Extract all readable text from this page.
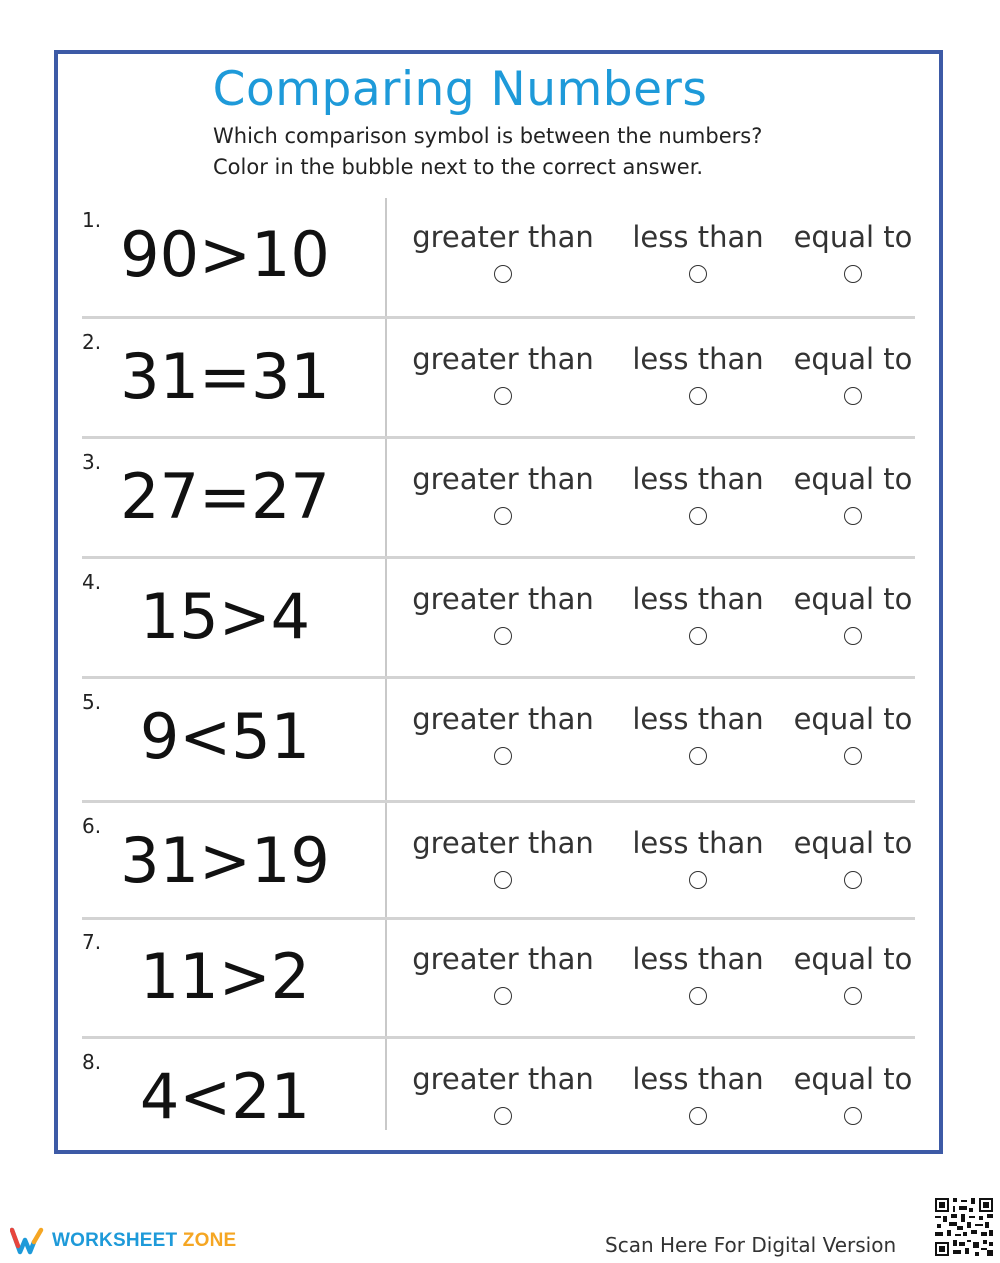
Comparing Numbers

Which comparison symbol is between the numbers?

Color in the bubble next to the correct answer.

1. 90>10	greater than	less than	equal to
2. 31=31	greater than	less than	equal to
3. 27=27	greater than	less than	equal to
4. 15>4	greater than	less than	equal to
5. 9<51	greater than	less than	equal to
6. 31>19	greater than	less than	equal to
7. 11>2	greater than	less than	equal to
8. 4<21	greater than	less than	equal to
WORKSHEET ZONE	Scan Here For Digital Version
